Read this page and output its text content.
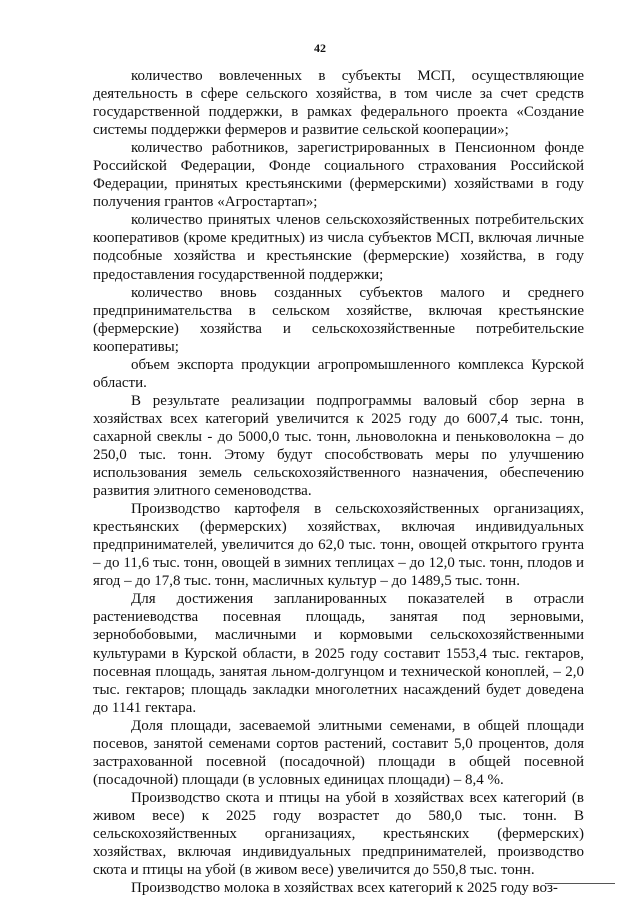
42

количество вовлеченных в субъекты МСП, осуществляющие деятельность в сфере сельского хозяйства, в том числе за счет средств государственной поддержки, в рамках федерального проекта «Создание системы поддержки фермеров и развитие сельской кооперации»;

количество работников, зарегистрированных в Пенсионном фонде Российской Федерации, Фонде социального страхования Российской Федерации, принятых крестьянскими (фермерскими) хозяйствами в году получения грантов «Агростартап»;

количество принятых членов сельскохозяйственных потребительских кооперативов (кроме кредитных) из числа субъектов МСП, включая личные подсобные хозяйства и крестьянские (фермерские) хозяйства, в году предоставления государственной поддержки;

количество вновь созданных субъектов малого и среднего предпринимательства в сельском хозяйстве, включая крестьянские (фермерские) хозяйства и сельскохозяйственные потребительские кооперативы;

объем экспорта продукции агропромышленного комплекса Курской области.

В результате реализации подпрограммы валовый сбор зерна в хозяйствах всех категорий увеличится к 2025 году до 6007,4 тыс. тонн, сахарной свеклы - до 5000,0 тыс. тонн, льноволокна и пеньковолокна – до 250,0 тыс. тонн. Этому будут способствовать меры по улучшению использования земель сельскохозяйственного назначения, обеспечению развития элитного семеноводства.

Производство картофеля в сельскохозяйственных организациях, крестьянских (фермерских) хозяйствах, включая индивидуальных предпринимателей, увеличится до 62,0 тыс. тонн, овощей открытого грунта – до 11,6 тыс. тонн, овощей в зимних теплицах – до 12,0 тыс. тонн, плодов и ягод – до 17,8 тыс. тонн, масличных культур – до 1489,5 тыс. тонн.

Для достижения запланированных показателей в отрасли растениеводства посевная площадь, занятая под зерновыми, зернобобовыми, масличными и кормовыми сельскохозяйственными культурами в Курской области, в 2025 году составит 1553,4 тыс. гектаров, посевная площадь, занятая льном-долгунцом и технической коноплей, – 2,0 тыс. гектаров; площадь закладки многолетних насаждений будет доведена до 1141 гектара.

Доля площади, засеваемой элитными семенами, в общей площади посевов, занятой семенами сортов растений, составит 5,0 процентов, доля застрахованной посевной (посадочной) площади в общей посевной (посадочной) площади (в условных единицах площади) – 8,4 %.

Производство скота и птицы на убой в хозяйствах всех категорий (в живом весе) к 2025 году возрастет до 580,0 тыс. тонн. В сельскохозяйственных организациях, крестьянских (фермерских) хозяйствах, включая индивидуальных предпринимателей, производство скота и птицы на убой (в живом весе) увеличится до 550,8 тыс. тонн.

Производство молока в хозяйствах всех категорий к 2025 году воз-
